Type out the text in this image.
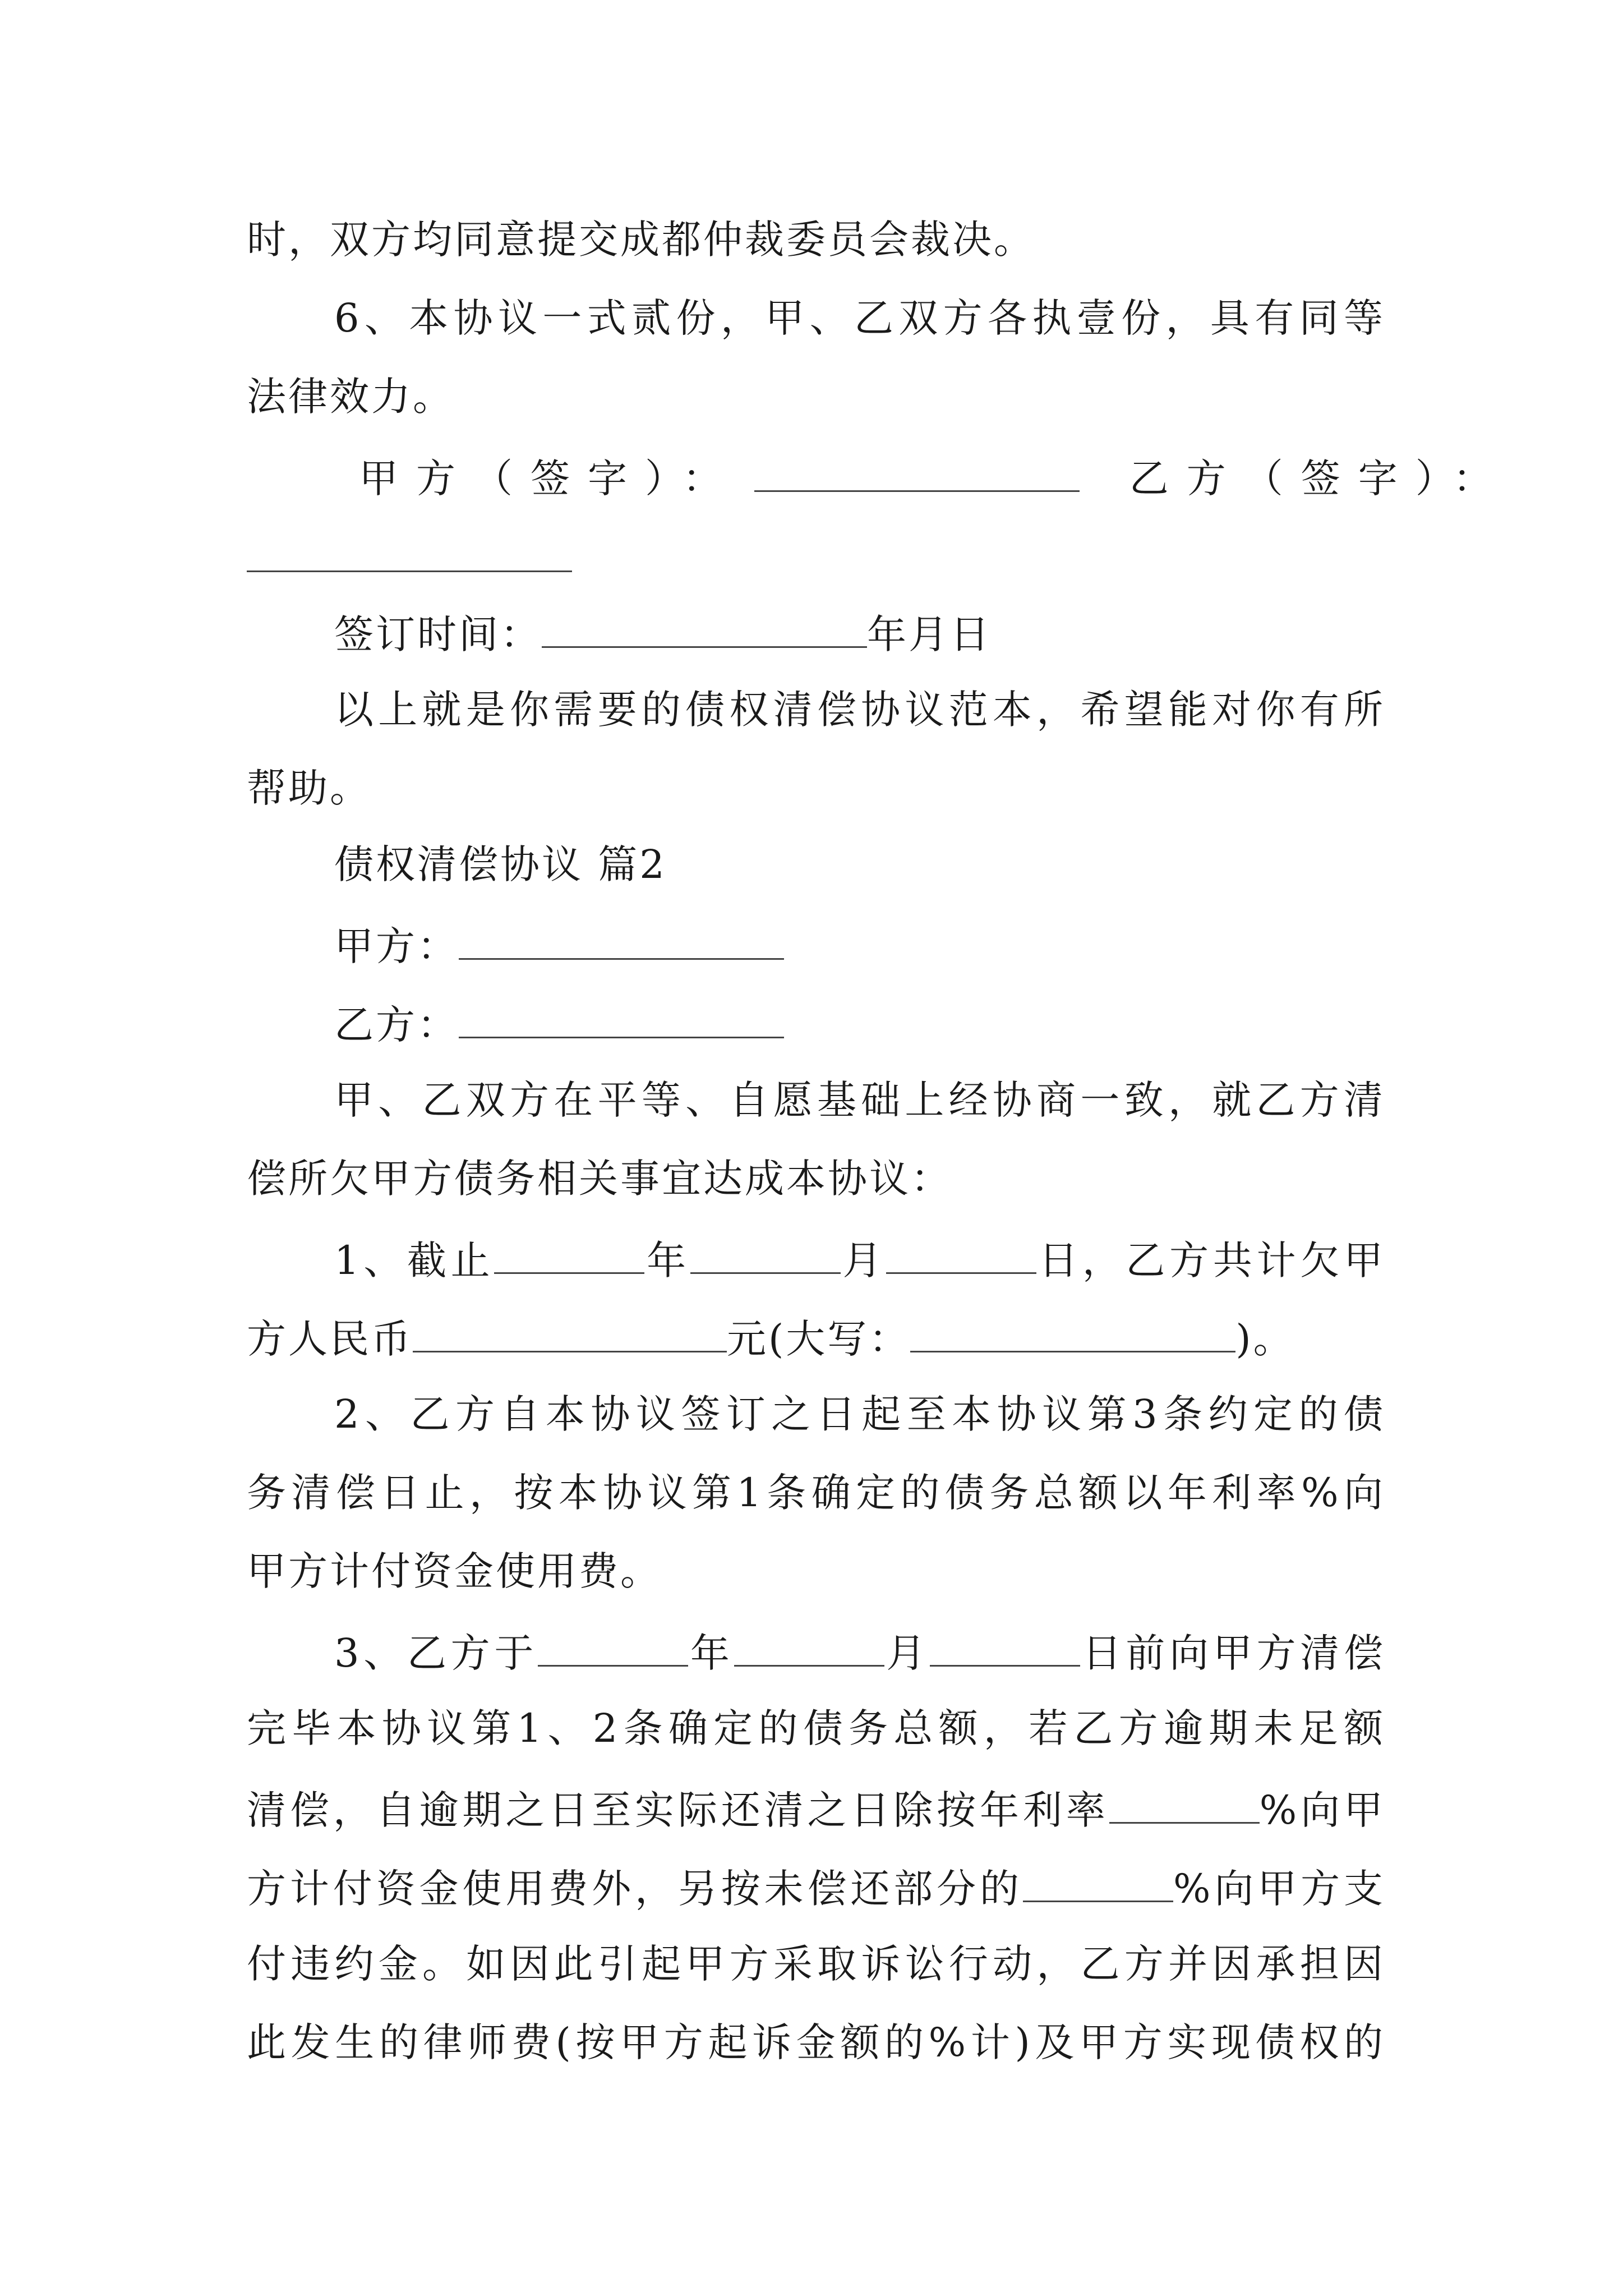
时，双方均同意提交成都仲裁委员会裁决。
6、本协议一式贰份，甲、乙双方各执壹份，具有同等
法律效力。
甲方（签字）：	乙方（签字）：
签订时间：	年月日
以上就是你需要的债权清偿协议范本，希望能对你有所
帮助。
债权清偿协议 篇2
甲方：
乙方：
甲、乙双方在平等、自愿基础上经协商一致，就乙方清
偿所欠甲方债务相关事宜达成本协议：
1、截止	年	月	日，乙方共计欠甲
方人民币	元(大写：	)。
2、乙方自本协议签订之日起至本协议第3条约定的债
务清偿日止，按本协议第1条确定的债务总额以年利率%向
甲方计付资金使用费。
3、乙方于	年	月	日前向甲方清偿
完毕本协议第1、2条确定的债务总额，若乙方逾期未足额
清偿，自逾期之日至实际还清之日除按年利率	%向甲
方计付资金使用费外，另按未偿还部分的	%向甲方支
付违约金。如因此引起甲方采取诉讼行动，乙方并因承担因
此发生的律师费(按甲方起诉金额的%计)及甲方实现债权的
